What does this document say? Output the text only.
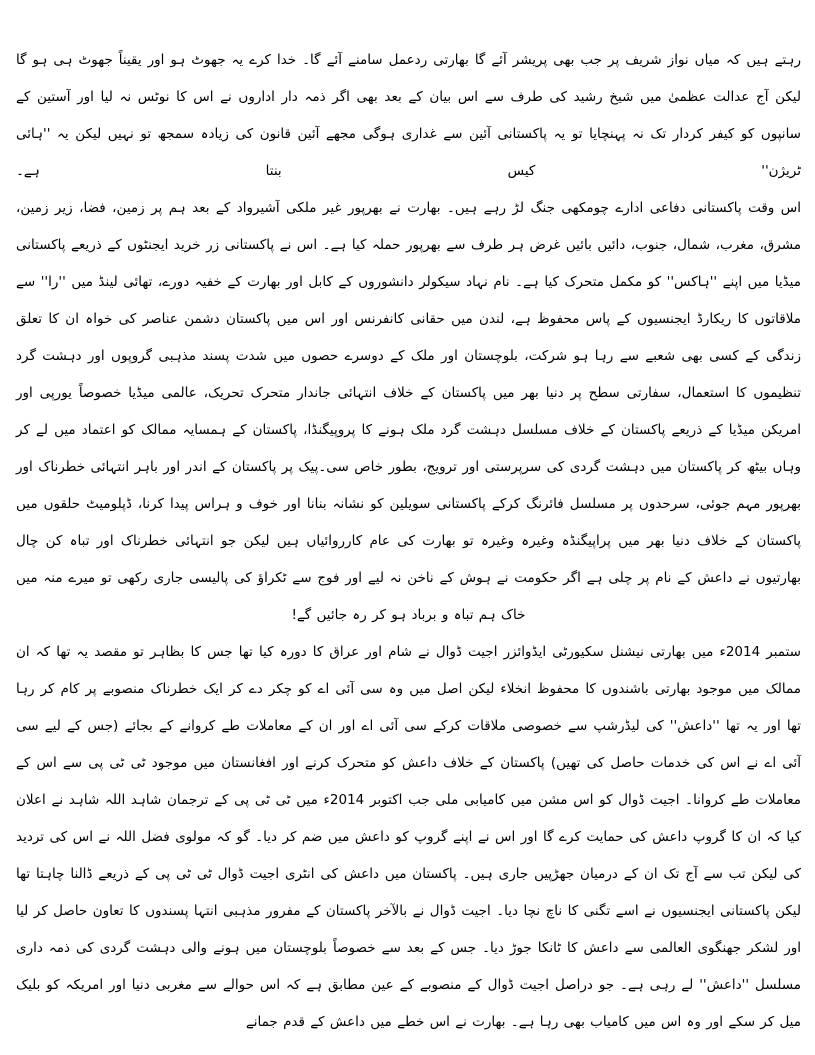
رہتے ہیں کہ میاں نواز شریف پر جب بھی پریشر آئے گا بھارتی ردعمل سامنے آئے گا۔ خدا کرے یہ جھوٹ ہو اور یقیناً جھوٹ ہی ہو گا لیکن آج عدالت عظمیٰ میں شیخ رشید کی طرف سے اس بیان کے بعد بھی اگر ذمہ دار اداروں نے اس کا نوٹس نہ لیا اور آستین کے سانپوں کو کیفر کردار تک نہ پہنچایا تو یہ پاکستانی آئین سے غداری ہوگی مجھے آئین قانون کی زیادہ سمجھ تو نہیں لیکن یہ ''ہائی ٹریژن'' کیس بنتا ہے۔

اس وقت پاکستانی دفاعی ادارے چومکھی جنگ لڑ رہے ہیں۔ بھارت نے بھرپور غیر ملکی آشیرواد کے بعد ہم پر زمین، فضا، زیر زمین، مشرق، مغرب، شمال، جنوب، دائیں بائیں غرض ہر طرف سے بھرپور حملہ کیا ہے۔ اس نے پاکستانی زر خرید ایجنٹوں کے ذریعے پاکستانی میڈیا میں اپنے ''ہاکس'' کو مکمل متحرک کیا ہے۔ نام نہاد سیکولر دانشوروں کے کابل اور بھارت کے خفیہ دورے، تھائی لینڈ میں ''را'' سے ملاقاتوں کا ریکارڈ ایجنسیوں کے پاس محفوظ ہے، لندن میں حقانی کانفرنس اور اس میں پاکستان دشمن عناصر کی خواہ ان کا تعلق زندگی کے کسی بھی شعبے سے رہا ہو شرکت، بلوچستان اور ملک کے دوسرے حصوں میں شدت پسند مذہبی گروپوں اور دہشت گرد تنظیموں کا استعمال، سفارتی سطح پر دنیا بھر میں پاکستان کے خلاف انتہائی جاندار متحرک تحریک، عالمی میڈیا خصوصاً یورپی اور امریکن میڈیا کے ذریعے پاکستان کے خلاف مسلسل دہشت گرد ملک ہونے کا پروپیگنڈا، پاکستان کے ہمسایہ ممالک کو اعتماد میں لے کر وہاں بیٹھ کر پاکستان میں دہشت گردی کی سرپرستی اور ترویج، بطور خاص سی۔پیک پر پاکستان کے اندر اور باہر انتہائی خطرناک اور بھرپور مہم جوئی، سرحدوں پر مسلسل فائرنگ کرکے پاکستانی سویلین کو نشانہ بنانا اور خوف و ہراس پیدا کرنا، ڈپلومیٹ حلقوں میں پاکستان کے خلاف دنیا بھر میں پراپیگنڈہ وغیرہ وغیرہ تو بھارت کی عام کارروائیاں ہیں لیکن جو انتہائی خطرناک اور تباہ کن چال بھارتیوں نے داعش کے نام پر چلی ہے اگر حکومت نے ہوش کے ناخن نہ لیے اور فوج سے ٹکراؤ کی پالیسی جاری رکھی تو میرے منہ میں خاک ہم تباہ و برباد ہو کر رہ جائیں گے!

ستمبر 2014ء میں بھارتی نیشنل سکیورٹی ایڈوائزر اجیت ڈوال نے شام اور عراق کا دورہ کیا تھا جس کا بظاہر تو مقصد یہ تھا کہ ان ممالک میں موجود بھارتی باشندوں کا محفوظ انخلاء لیکن اصل میں وہ سی آئی اے کو چکر دے کر ایک خطرناک منصوبے پر کام کر رہا تھا اور یہ تھا ''داعش'' کی لیڈرشپ سے خصوصی ملاقات کرکے سی آئی اے اور ان کے معاملات طے کروانے کے بجائے (جس کے لیے سی آئی اے نے اس کی خدمات حاصل کی تھیں) پاکستان کے خلاف داعش کو متحرک کرنے اور افغانستان میں موجود ٹی ٹی پی سے اس کے معاملات طے کروانا۔ اجیت ڈوال کو اس مشن میں کامیابی ملی جب اکتوبر 2014ء میں ٹی ٹی پی کے ترجمان شاہد اللہ شاہد نے اعلان کیا کہ ان کا گروپ داعش کی حمایت کرے گا اور اس نے اپنے گروپ کو داعش میں ضم کر دیا۔ گو کہ مولوی فضل اللہ نے اس کی تردید کی لیکن تب سے آج تک ان کے درمیان جھڑپیں جاری ہیں۔ پاکستان میں داعش کی انٹری اجیت ڈوال ٹی ٹی پی کے ذریعے ڈالنا چاہتا تھا لیکن پاکستانی ایجنسیوں نے اسے تگنی کا ناچ نچا دیا۔ اجیت ڈوال نے بالآخر پاکستان کے مفرور مذہبی انتہا پسندوں کا تعاون حاصل کر لیا اور لشکر جھنگوی العالمی سے داعش کا ٹانکا جوڑ دیا۔ جس کے بعد سے خصوصاً بلوچستان میں ہونے والی دہشت گردی کی ذمہ داری مسلسل ''داعش'' لے رہی ہے۔ جو دراصل اجیت ڈوال کے منصوبے کے عین مطابق ہے کہ اس حوالے سے مغربی دنیا اور امریکہ کو بلیک میل کر سکے اور وہ اس میں کامیاب بھی رہا ہے۔ بھارت نے اس خطے میں داعش کے قدم جمانے
